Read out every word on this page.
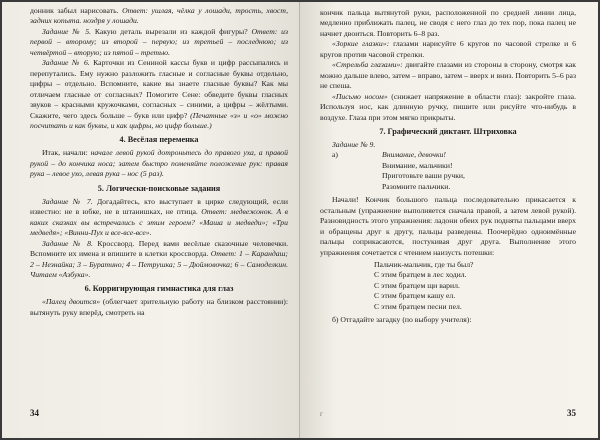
донник забыл нарисовать. Ответ: ушлая, чёлка у лошади, трость, хвост, задних копыта. ноздря у лошади.

Задание № 5. Какую деталь вырезали из каждой фигуры? Ответ: из первой – второму; из второй – первую; из третьей – последнюю; из четвёртой – вторую; из пятой – третью.

Задание № 6. Карточки из Сениной кассы букв и цифр рассыпались и перепутались. Ему нужно разложить гласные и согласные буквы отдельно, цифры – отдельно. Вспомните, какие вы знаете гласные буквы? Как мы отличаем гласные от согласных? Помогите Сене: обведите буквы гласных звуков – красными кружочками, согласных – синими, а цифры – жёлтыми. Скажите, чего здесь больше – букв или цифр? (Печатные «з» и «о» можно посчитать и как буквы, и как цифры, но цифр больше.)

4. Весёлая переменка

Итак, начали: начале левой рукой дотроньтесь до правого уха, а правой рукой – до кончика носа; затем быстро поменяйте положение рук: правая рука – левое ухо, левая рука – нос (5 раз).

5. Логически-поисковые задания

Задание № 7. Догадайтесь, кто выступает в цирке следующий, если известно: не в юбке, не в штанишках, не птица. Ответ: медвежонок. А в каких сказках вы встречались с этим героем? «Маша и медведи»; «Три медведя»; «Винни-Пух и все-все-все».

Задание № 8. Кроссворд. Перед вами весёлые сказочные человечки. Вспомните их имена и впишите в клетки кроссворда. Ответ: 1 – Карандаш; 2 – Незнайка; 3 – Буратино; 4 – Петрушка; 5 – Дюймовочка; 6 – Самоделкин. Читаем «Азбука».

6. Корригирующая гимнастика для глаз

«Палец двоится» (облегчает зрительную работу на близком расстоянии): вытянуть руку вперёд, смотреть на

34

кончик пальца вытянутой руки, расположенной по средней линии лица, медленно приближать палец, не сводя с него глаз до тех пор, пока палец не начнет двоиться. Повторить 6–8 раз.

«Зоркие глазки»: глазами нарисуйте 6 кругов по часовой стрелке и 6 кругов против часовой стрелки.

«Стрельба глазами»: двигайте глазами из стороны в сторону, смотря как можно дальше влево, затем – вправо, затем – вверх и вниз. Повторить 5–6 раз не спеша.

«Письмо носом» (снижает напряжение в области глаз): закройте глаза. Используя нос, как длинную ручку, пишите или рисуйте что-нибудь в воздухе. Глаза при этом мягко прикрыты.

7. Графический диктант. Штриховка

Задание № 9.

а)	Внимание, девочки!

Внимание, мальчики!

Приготовьте ваши ручки,

Разомните пальчики.

Начали! Кончик большого пальца последовательно прикасается к остальным (упражнение выполняется сначала правой, а затем левой рукой). Разновидность этого упражнения: ладони обеих рук подняты пальцами вверх и обращены друг к другу, пальцы разведены. Поочерёдно одноимённые пальцы соприкасаются, постукивая друг друга. Выполнение этого упражнения сочетается с чтением наизусть потешки:

Пальчик-мальчик, где ты был?

С этим братцем в лес ходил.

С этим братцем щи варил.

С этим братцем кашу ел.

С этим братцем песни пел.

б) Отгадайте загадку (по выбору учителя):

г	35
